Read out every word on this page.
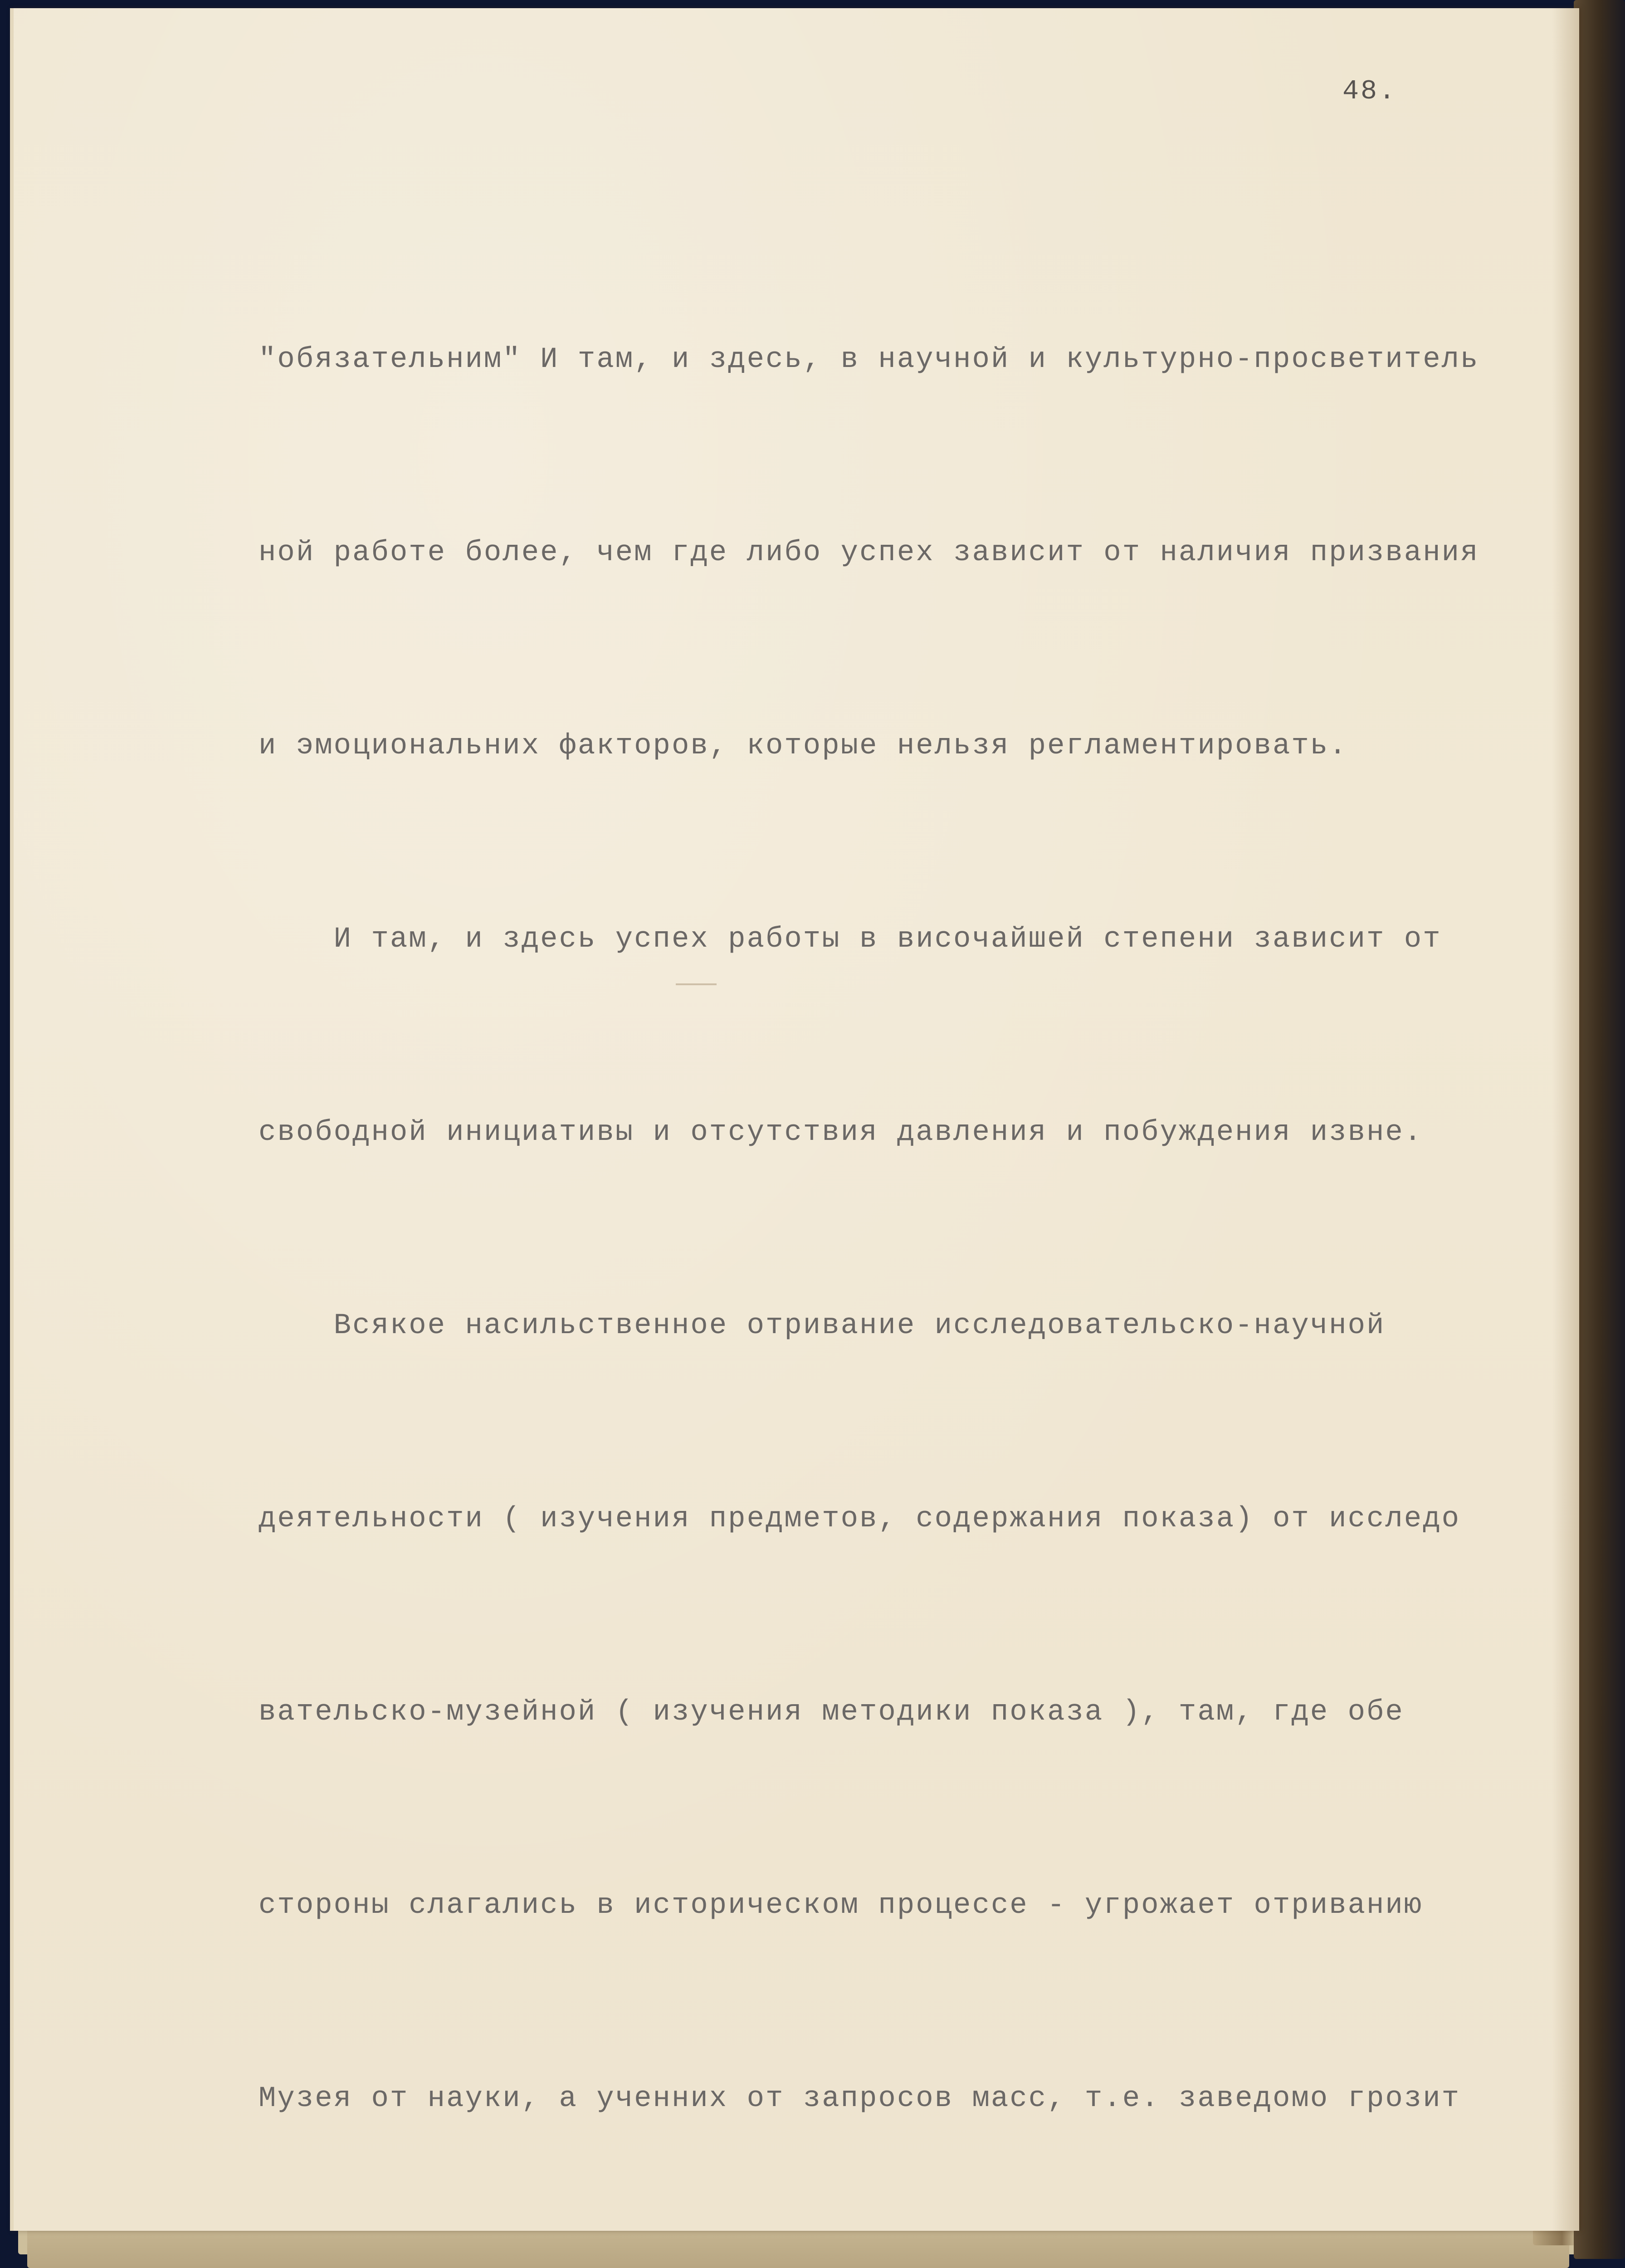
48.

"обязательним" И там, и здесь, в научной и культурно-просветитель

ной работе более, чем где либо успех зависит от наличия призвания

и эмоциональних факторов, которые нельзя регламентировать.

И там, и здесь успех работы в височайшей степени зависит от

свободной инициативы и отсутствия давления и побуждения извне.

Всякое насильственное отривание исследовательско-научной

деятельности ( изучения предметов, содержания показа) от исследо

вательско-музейной ( изучения методики показа ), там, где обе

стороны слагались в историческом процессе - угрожает отриванию

Музея от науки, а ученних от запросов масс, т.е. заведомо грозит
